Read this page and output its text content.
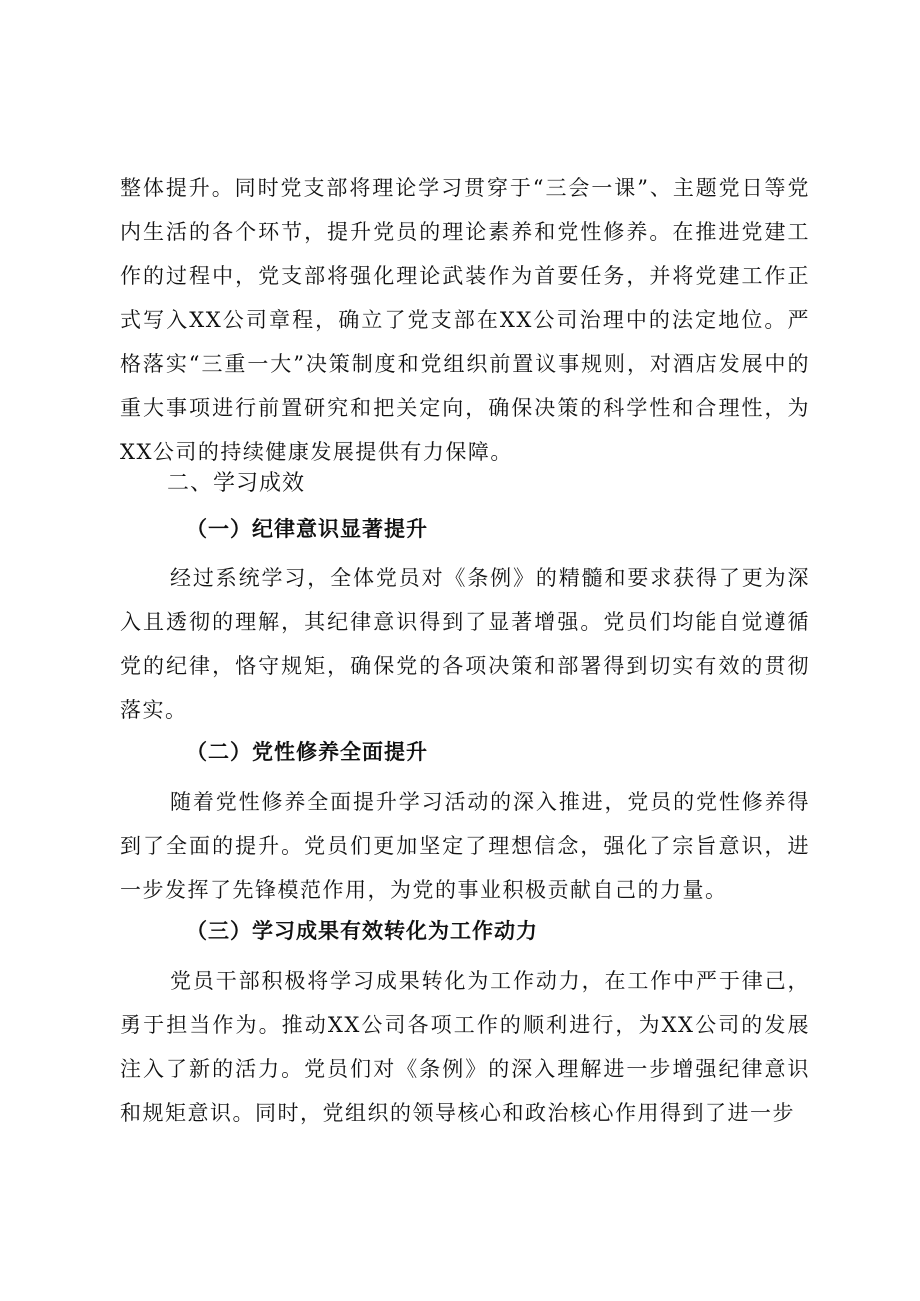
整体提升。同时党支部将理论学习贯穿于“三会一课”、主题党日等党内生活的各个环节，提升党员的理论素养和党性修养。在推进党建工作的过程中，党支部将强化理论武装作为首要任务，并将党建工作正式写入XX公司章程，确立了党支部在XX公司治理中的法定地位。严格落实“三重一大”决策制度和党组织前置议事规则，对酒店发展中的重大事项进行前置研究和把关定向，确保决策的科学性和合理性，为XX公司的持续健康发展提供有力保障。
二、学习成效
（一）纪律意识显著提升
经过系统学习，全体党员对《条例》的精髓和要求获得了更为深入且透彻的理解，其纪律意识得到了显著增强。党员们均能自觉遵循党的纪律，恪守规矩，确保党的各项决策和部署得到切实有效的贯彻落实。
（二）党性修养全面提升
随着党性修养全面提升学习活动的深入推进，党员的党性修养得到了全面的提升。党员们更加坚定了理想信念，强化了宗旨意识，进一步发挥了先锋模范作用，为党的事业积极贡献自己的力量。
（三）学习成果有效转化为工作动力
党员干部积极将学习成果转化为工作动力，在工作中严于律己，勇于担当作为。推动XX公司各项工作的顺利进行，为XX公司的发展注入了新的活力。党员们对《条例》的深入理解进一步增强纪律意识和规矩意识。同时，党组织的领导核心和政治核心作用得到了进一步
